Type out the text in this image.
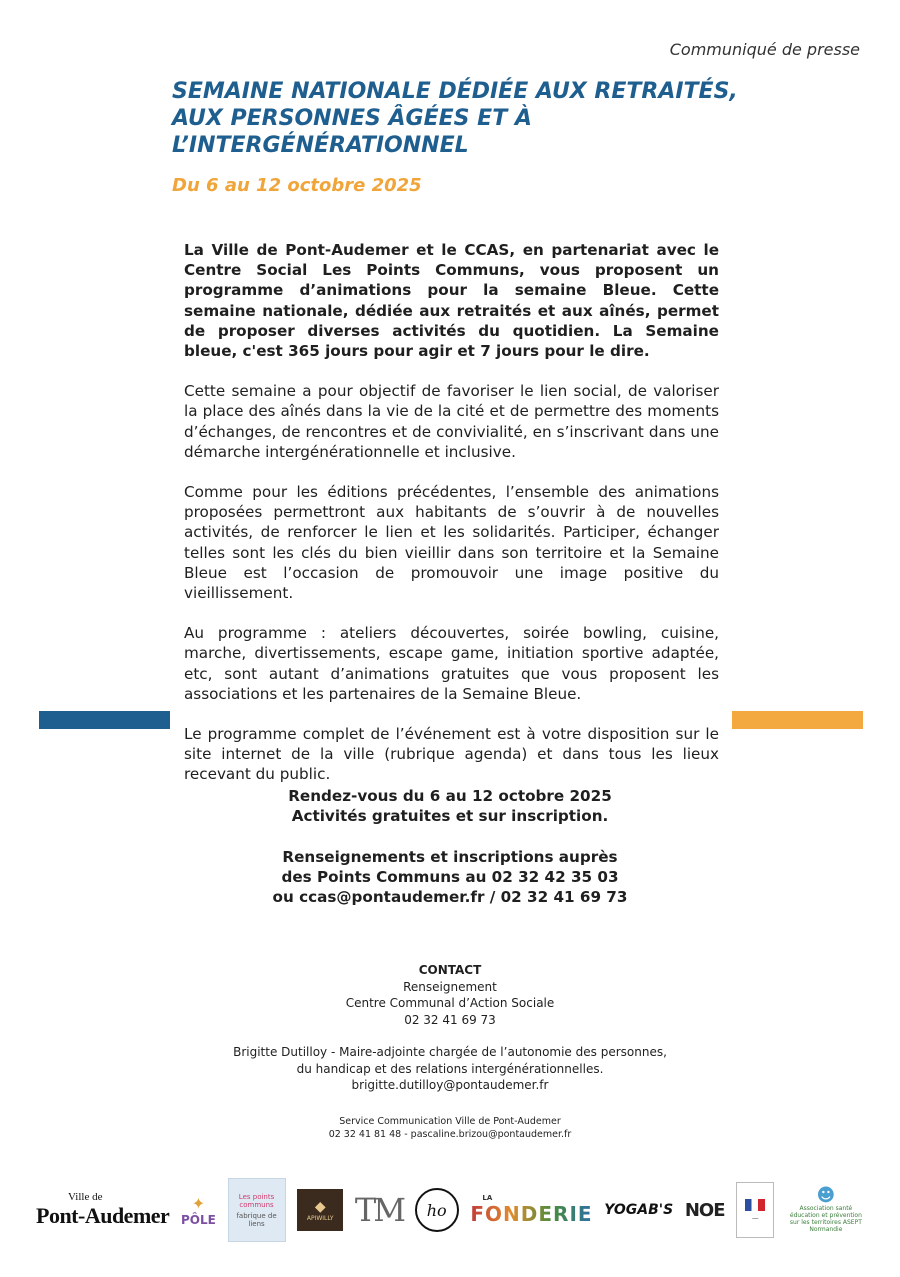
Communiqué de presse
SEMAINE NATIONALE DÉDIÉE AUX RETRAITÉS,
AUX PERSONNES ÂGÉES ET À
L’INTERGÉNÉRATIONNEL
Du 6 au 12 octobre 2025

La Ville de Pont-Audemer et le CCAS, en partenariat avec le Centre Social Les Points Communs, vous proposent un programme d’animations pour la semaine Bleue. Cette semaine nationale, dédiée aux retraités et aux aînés, permet de proposer diverses activités du quotidien. La Semaine bleue, c'est 365 jours pour agir et 7 jours pour le dire.

Cette semaine a pour objectif de favoriser le lien social, de valoriser la place des aînés dans la vie de la cité et de permettre des moments d’échanges, de rencontres et de convivialité, en s’inscrivant dans une démarche intergénérationnelle et inclusive.

Comme pour les éditions précédentes, l’ensemble des animations proposées permettront aux habitants de s’ouvrir à de nouvelles activités, de renforcer le lien et les solidarités. Participer, échanger telles sont les clés du bien vieillir dans son territoire et la Semaine Bleue est l’occasion de promouvoir une image positive du vieillissement.

Au programme : ateliers découvertes, soirée bowling, cuisine, marche, divertissements, escape game, initiation sportive adaptée, etc, sont autant d’animations gratuites que vous proposent les associations et les partenaires de la Semaine Bleue.

Le programme complet de l’événement est à votre disposition sur le site internet de la ville (rubrique agenda) et dans tous les lieux recevant du public.

Rendez-vous du 6 au 12 octobre 2025
Activités gratuites et sur inscription.
Renseignements et inscriptions auprès
des Points Communs au 02 32 42 35 03
ou ccas@pontaudemer.fr / 02 32 41 69 73
CONTACT
Renseignement
Centre Communal d’Action Sociale
02 32 41 69 73
Brigitte Dutilloy - Maire-adjointe chargée de l’autonomie des personnes,
du handicap et des relations intergénérationnelles.
brigitte.dutilloy@pontaudemer.fr
Service Communication Ville de Pont-Audemer
02 32 41 81 48 - pascaline.brizou@pontaudemer.fr
Ville de
Pont-Audemer ✦
PÔLE
Les points communs
fabrique de liens
◆
APIWILLY TM	ho
LA
FONDERIE YOGAB'S NOE	―
☻
Association santé éducation et prévention sur les territoires ASEPT Normandie
